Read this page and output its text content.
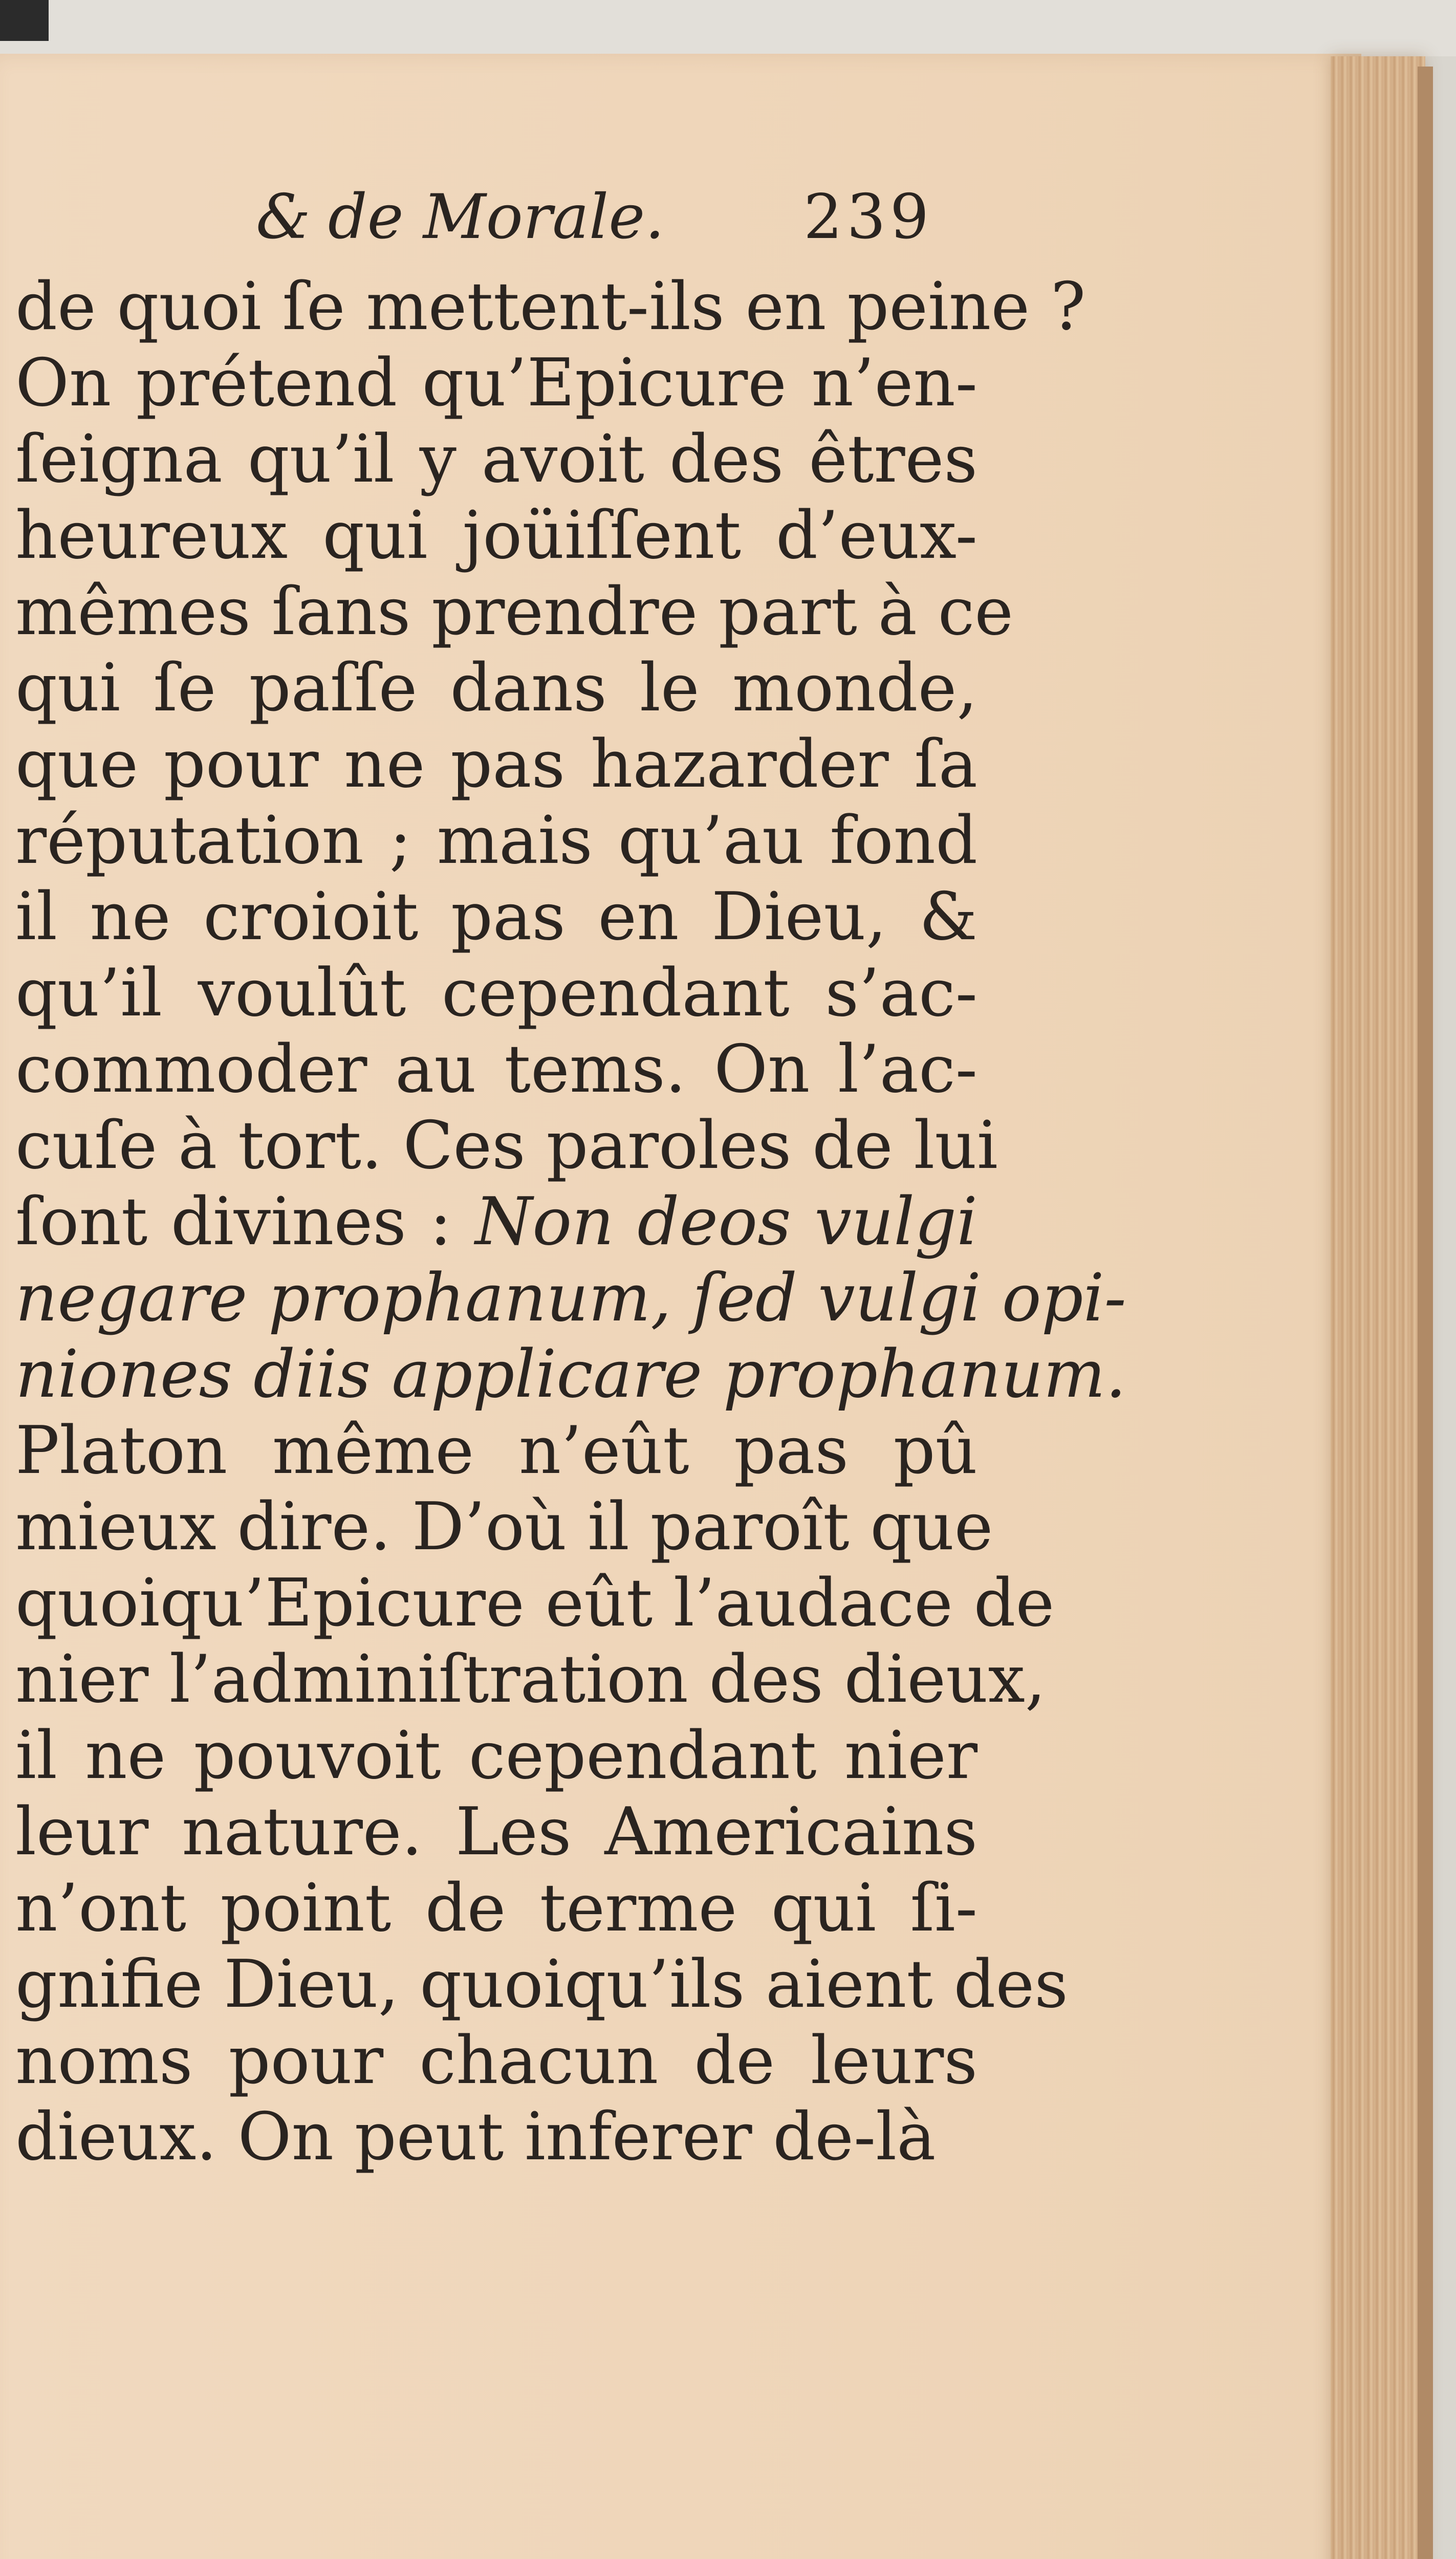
& de Morale. 239
de quoi ſe mettent-ils en peine ?
On prétend qu’Epicure n’en-
ſeigna qu’il y avoit des êtres
heureux qui joüiſſent d’eux-
mêmes ſans prendre part à ce
qui ſe paſſe dans le monde,
que pour ne pas hazarder ſa
réputation ; mais qu’au fond
il ne croioit pas en Dieu, &
qu’il voulût cependant s’ac-
commoder au tems. On l’ac-
cuſe à tort. Ces paroles de lui
ſont divines : Non deos vulgi
negare prophanum, ſed vulgi opi-
niones diis applicare prophanum.
Platon même n’eût pas pû
mieux dire. D’où il paroît que
quoiqu’Epicure eût l’audace de
nier l’adminiſtration des dieux,
il ne pouvoit cependant nier
leur nature. Les Americains
n’ont point de terme qui ſi-
gnifie Dieu, quoiqu’ils aient des
noms pour chacun de leurs
dieux. On peut inferer de-là
